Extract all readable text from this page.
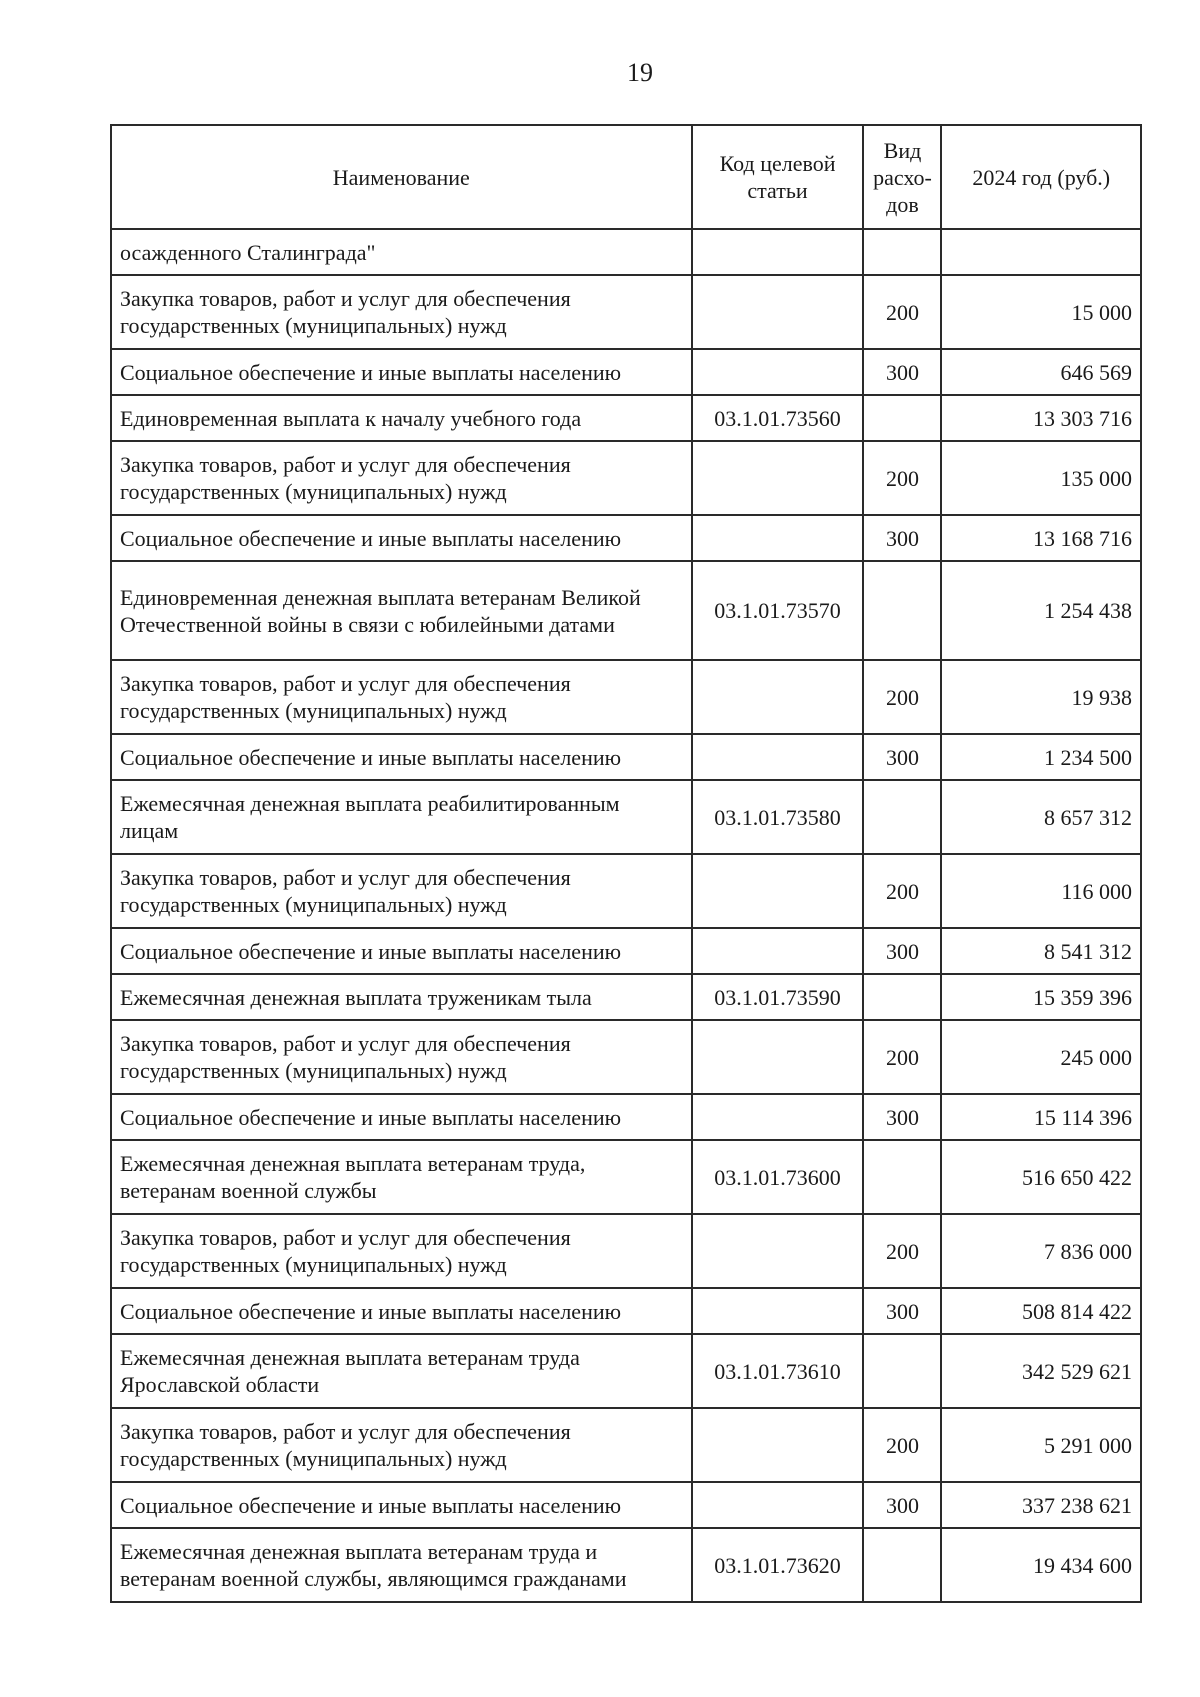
19
Наименование	Код целевой статьи	Вид расхо-дов	2024 год (руб.)
осажденного Сталинграда"			
Закупка товаров, работ и услуг для обеспечения государственных (муниципальных) нужд		200	15 000
Социальное обеспечение и иные выплаты населению		300	646 569
Единовременная выплата к началу учебного года	03.1.01.73560		13 303 716
Закупка товаров, работ и услуг для обеспечения государственных (муниципальных) нужд		200	135 000
Социальное обеспечение и иные выплаты населению		300	13 168 716
Единовременная денежная выплата ветеранам Великой Отечественной войны в связи с юбилейными датами	03.1.01.73570		1 254 438
Закупка товаров, работ и услуг для обеспечения государственных (муниципальных) нужд		200	19 938
Социальное обеспечение и иные выплаты населению		300	1 234 500
Ежемесячная денежная выплата реабилитированным лицам	03.1.01.73580		8 657 312
Закупка товаров, работ и услуг для обеспечения государственных (муниципальных) нужд		200	116 000
Социальное обеспечение и иные выплаты населению		300	8 541 312
Ежемесячная денежная выплата труженикам тыла	03.1.01.73590		15 359 396
Закупка товаров, работ и услуг для обеспечения государственных (муниципальных) нужд		200	245 000
Социальное обеспечение и иные выплаты населению		300	15 114 396
Ежемесячная денежная выплата ветеранам труда, ветеранам военной службы	03.1.01.73600		516 650 422
Закупка товаров, работ и услуг для обеспечения государственных (муниципальных) нужд		200	7 836 000
Социальное обеспечение и иные выплаты населению		300	508 814 422
Ежемесячная денежная выплата ветеранам труда Ярославской области	03.1.01.73610		342 529 621
Закупка товаров, работ и услуг для обеспечения государственных (муниципальных) нужд		200	5 291 000
Социальное обеспечение и иные выплаты населению		300	337 238 621
Ежемесячная денежная выплата ветеранам труда и ветеранам военной службы, являющимся гражданами	03.1.01.73620		19 434 600
